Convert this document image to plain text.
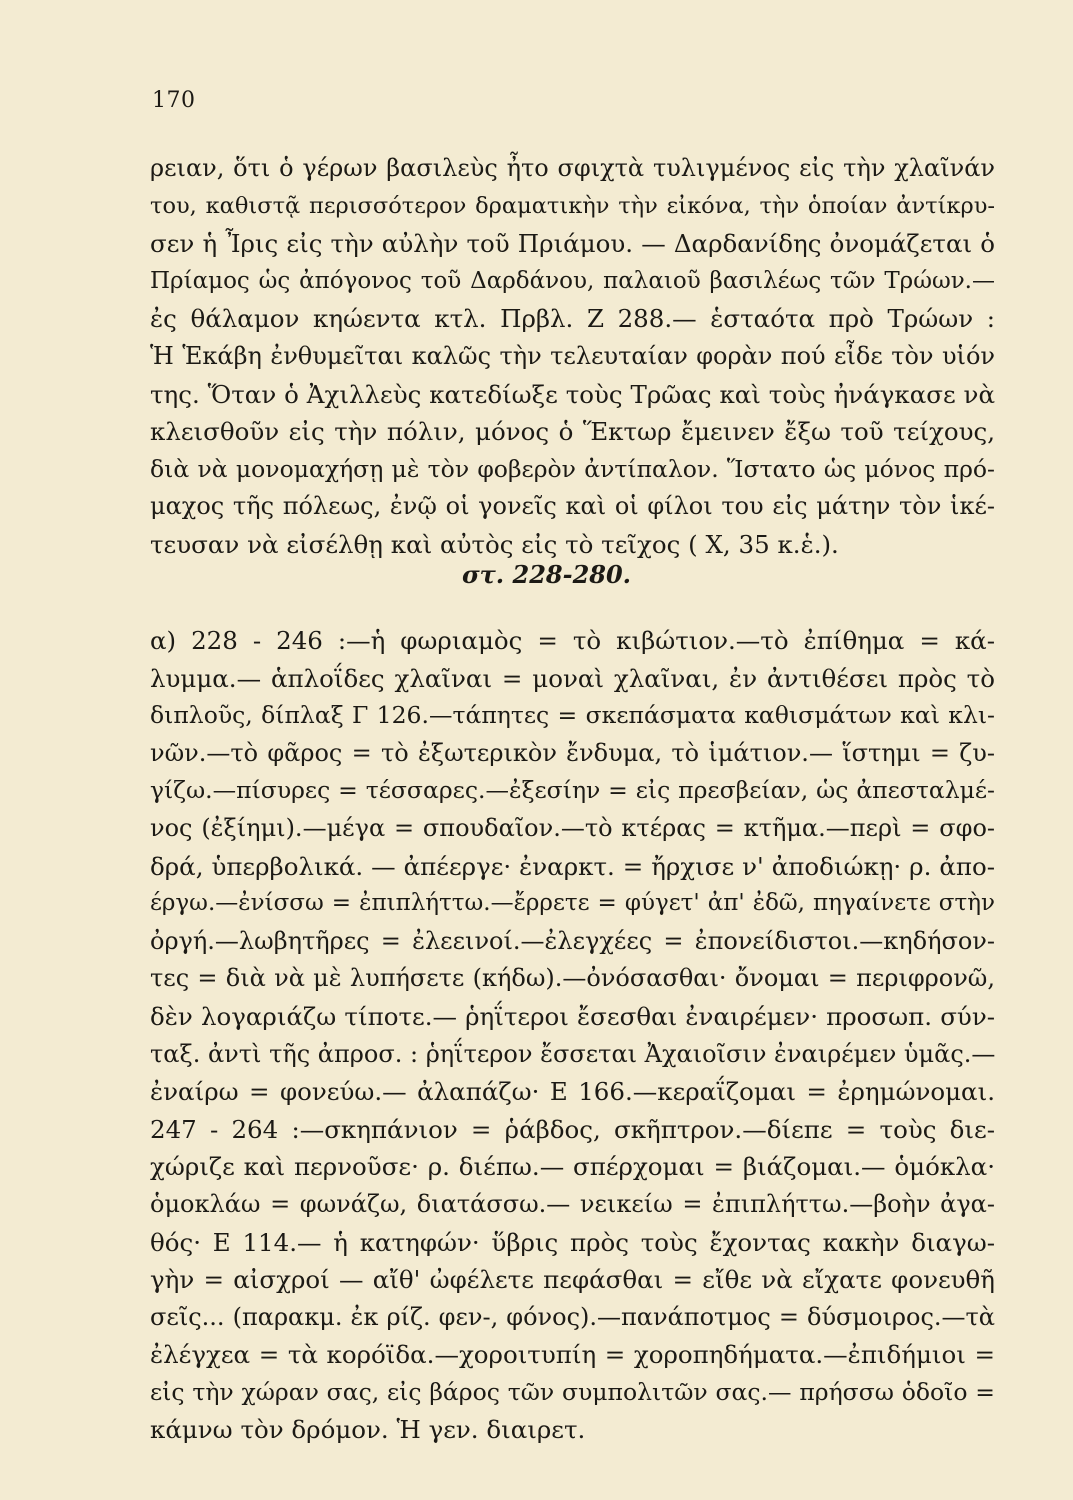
170
ρειαν, ὅτι ὁ γέρων βασιλεὺς ἦτο σφιχτὰ τυλιγμένος εἰς τὴν χλαῖνάν
του, καθιστᾷ περισσότερον δραματικὴν τὴν εἰκόνα, τὴν ὁποίαν ἀντίκρυ-
σεν ἡ Ἶρις εἰς τὴν αὐλὴν τοῦ Πριάμου. — Δαρδανίδης ὀνομάζεται ὁ
Πρίαμος ὡς ἀπόγονος τοῦ Δαρδάνου, παλαιοῦ βασιλέως τῶν Τρώων.—
ἐς θάλαμον κηώεντα κτλ. Πρβλ. Ζ 288.— ἑσταότα πρὸ Τρώων :
Ἡ Ἑκάβη ἐνθυμεῖται καλῶς τὴν τελευταίαν φορὰν πού εἶδε τὸν υἱόν
της. Ὅταν ὁ Ἀχιλλεὺς κατεδίωξε τοὺς Τρῶας καὶ τοὺς ἠνάγκασε νὰ
κλεισθοῦν εἰς τὴν πόλιν, μόνος ὁ Ἕκτωρ ἔμεινεν ἔξω τοῦ τείχους,
διὰ νὰ μονομαχήσῃ μὲ τὸν φοβερὸν ἀντίπαλον. Ἵστατο ὡς μόνος πρό-
μαχος τῆς πόλεως, ἐνῷ οἱ γονεῖς καὶ οἱ φίλοι του εἰς μάτην τὸν ἱκέ-
τευσαν νὰ εἰσέλθῃ καὶ αὐτὸς εἰς τὸ τεῖχος ( Χ, 35 κ.ἑ.).
στ. 228-280.
α) 228 - 246 :—ἡ φωριαμὸς = τὸ κιβώτιον.—τὸ ἐπίθημα = κά-
λυμμα.— ἁπλοΐδες χλαῖναι = μοναὶ χλαῖναι, ἐν ἀντιθέσει πρὸς τὸ
διπλοῦς, δίπλαξ Γ 126.—τάπητες = σκεπάσματα καθισμάτων καὶ κλι-
νῶν.—τὸ φᾶρος = τὸ ἐξωτερικὸν ἔνδυμα, τὸ ἱμάτιον.— ἵστημι = ζυ-
γίζω.—πίσυρες = τέσσαρες.—ἐξεσίην = εἰς πρεσβείαν, ὡς ἀπεσταλμέ-
νος (ἐξίημι).—μέγα = σπουδαῖον.—τὸ κτέρας = κτῆμα.—περὶ = σφο-
δρά, ὑπερβολικά. — ἀπέεργε· ἐναρκτ. = ἤρχισε ν' ἀποδιώκῃ· ρ. ἀπο-
έργω.—ἐνίσσω = ἐπιπλήττω.—ἔρρετε = φύγετ' ἀπ' ἐδῶ, πηγαίνετε στὴν
ὀργή.—λωβητῆρες = ἐλεεινοί.—ἐλεγχέες = ἐπονείδιστοι.—κηδήσον-
τες = διὰ νὰ μὲ λυπήσετε (κήδω).—ὀνόσασθαι· ὄνομαι = περιφρονῶ,
δὲν λογαριάζω τίποτε.— ῥηΐτεροι ἔσεσθαι ἐναιρέμεν· προσωπ. σύν-
ταξ. ἀντὶ τῆς ἀπροσ. : ῥηΐτερον ἔσσεται Ἀχαιοῖσιν ἐναιρέμεν ὑμᾶς.—
ἐναίρω = φονεύω.— ἀλαπάζω· Ε 166.—κεραΐζομαι = ἐρημώνομαι.
247 - 264 :—σκηπάνιον = ῥάβδος, σκῆπτρον.—δίεπε = τοὺς διε-
χώριζε καὶ περνοῦσε· ρ. διέπω.— σπέρχομαι = βιάζομαι.— ὁμόκλα·
ὁμοκλάω = φωνάζω, διατάσσω.— νεικείω = ἐπιπλήττω.—βοὴν ἀγα-
θός· Ε 114.— ἡ κατηφών· ὕβρις πρὸς τοὺς ἔχοντας κακὴν διαγω-
γὴν = αἰσχροί — αἴθ' ὠφέλετε πεφάσθαι = εἴθε νὰ εἴχατε φονευθῆ
σεῖς... (παρακμ. ἐκ ρίζ. φεν-, φόνος).—πανάποτμος = δύσμοιρος.—τὰ
ἐλέγχεα = τὰ κορόϊδα.—χοροιτυπίη = χοροπηδήματα.—ἐπιδήμιοι =
εἰς τὴν χώραν σας, εἰς βάρος τῶν συμπολιτῶν σας.— πρήσσω ὁδοῖο =
κάμνω τὸν δρόμον. Ἡ γεν. διαιρετ.
